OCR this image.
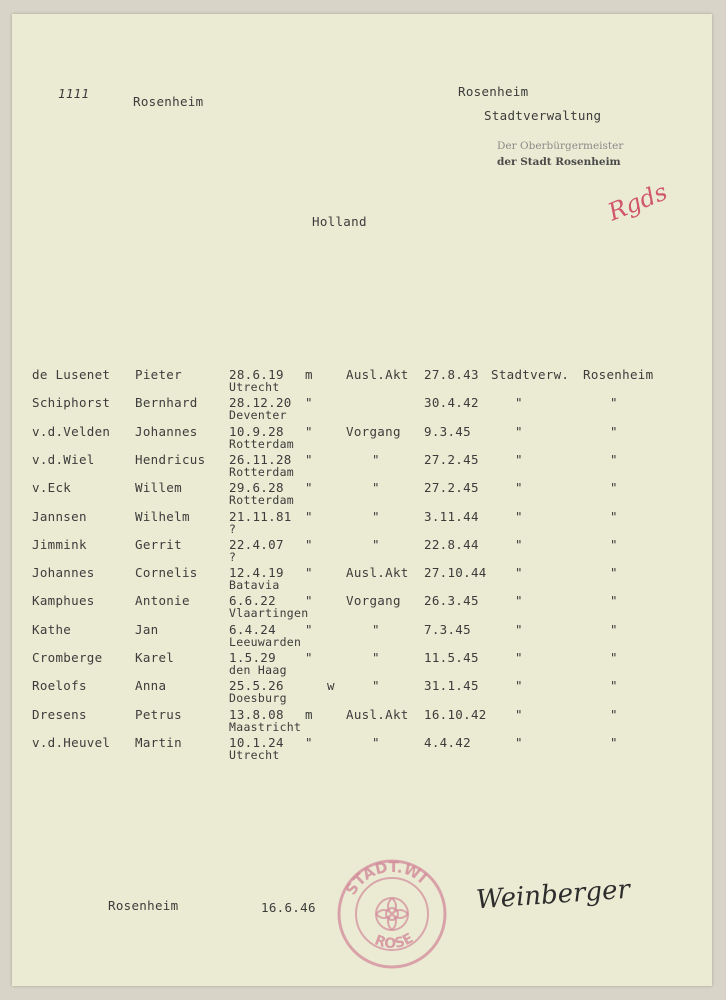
1111
Rosenheim
Rosenheim
Stadtverwaltung
Der Oberbürgermeister
der Stadt Rosenheim
Rgds
Holland
de Lusenet Pieter	28.6.19 m	Ausl.Akt 27.8.43 Stadtverw. Rosenheim
Utrecht
Schiphorst Bernhard	28.12.20 "	30.4.42	"	"
Deventer
v.d.Velden Johannes	10.9.28 "	Vorgang 9.3.45	"	"
Rotterdam
v.d.Wiel	Hendricus 26.11.28 "	"	27.2.45	"	"
Rotterdam
v.Eck	Willem	29.6.28 "	"	27.2.45	"	"
Rotterdam
Jannsen	Wilhelm	21.11.81 "	"	3.11.44	"	"
?
Jimmink	Gerrit	22.4.07 "	"	22.8.44	"	"
?
Johannes	Cornelis	12.4.19 "	Ausl.Akt 27.10.44 "	"
Batavia
Kamphues	Antonie	6.6.22 "	Vorgang 26.3.45	"	"
Vlaartingen
Kathe	Jan	6.4.24 "	"	7.3.45	"	"
Leeuwarden
Cromberge	Karel	1.5.29 "	"	11.5.45	"	"
den Haag
Roelofs	Anna	25.5.26	w	"	31.1.45	"	"
Doesburg
Dresens	Petrus	13.8.08 m	Ausl.Akt 16.10.42 "	"
Maastricht
v.d.Heuvel Martin	10.1.24 "	"	4.4.42	"	"
Utrecht
Rosenheim	16.6.46
STADT.WI
ROSE
Weinberger
